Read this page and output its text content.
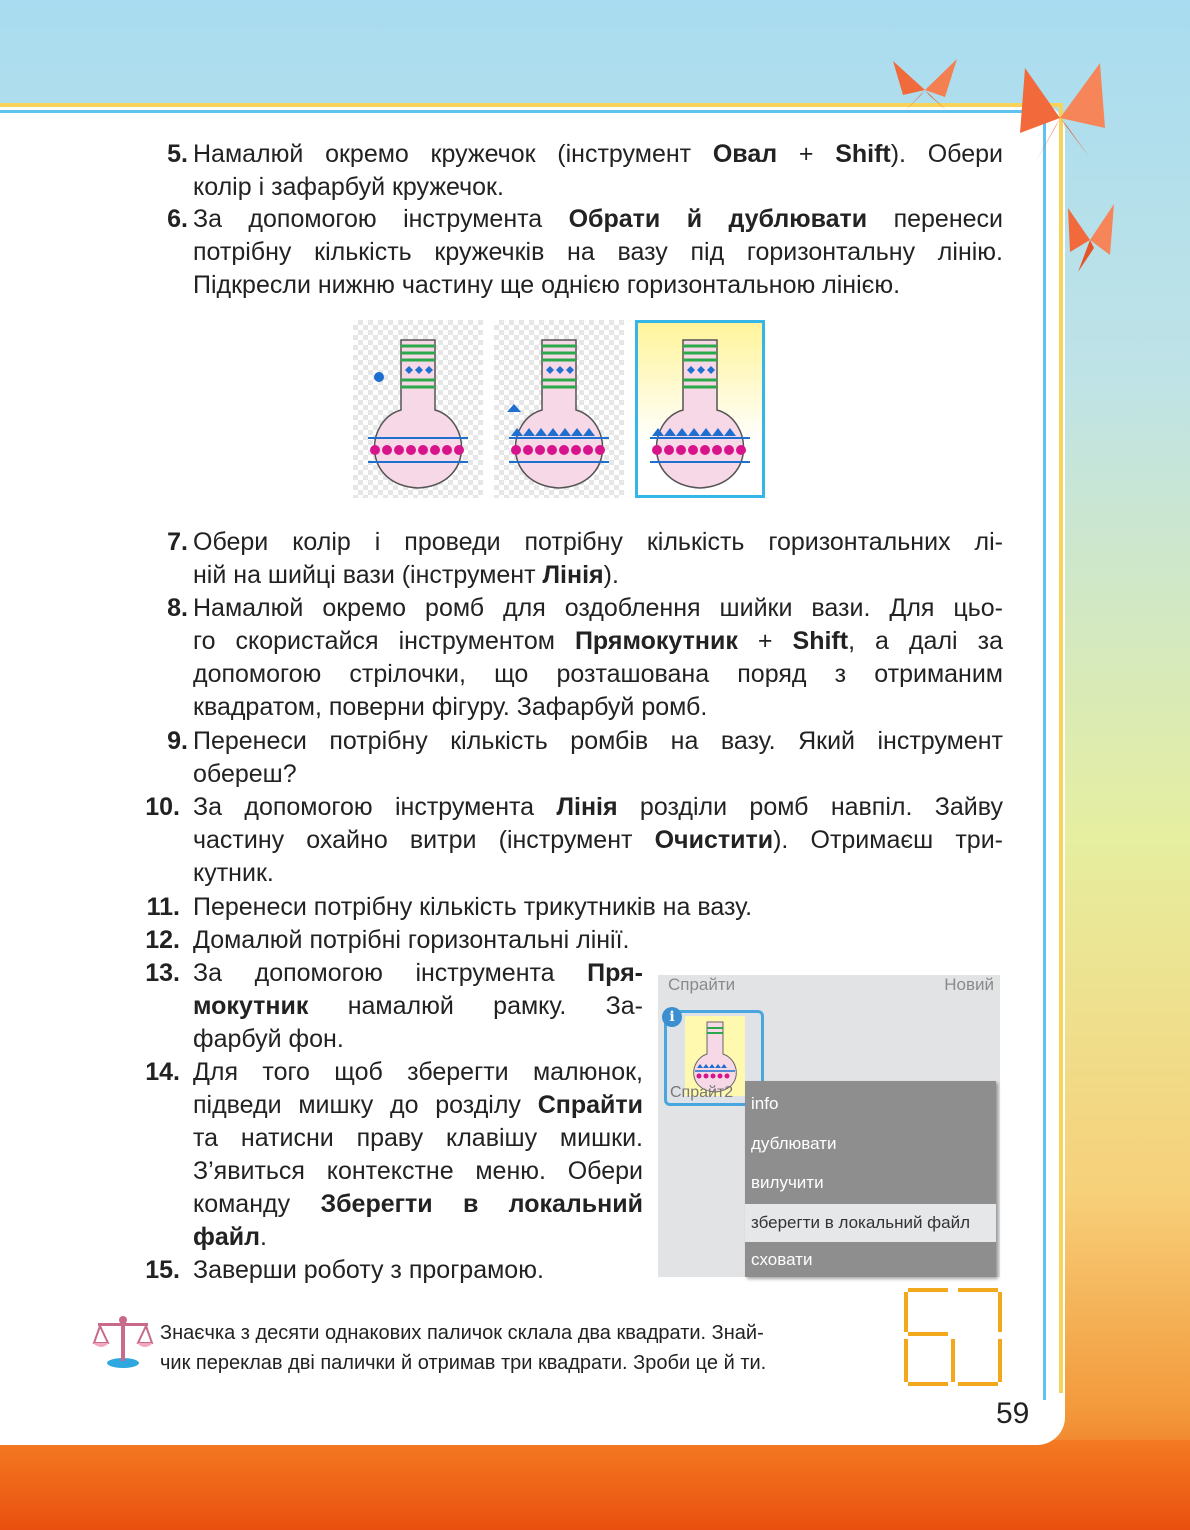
5. Намалюй окремо кружечок (інструмент Овал + Shift). Обери
колір і зафарбуй кружечок.
6. За допомогою інструмента Обрати й дублювати перенеси
потрібну кількість кружечків на вазу під горизонтальну лінію.
Підкресли нижню частину ще однією горизонтальною лінією.
7. Обери колір і проведи потрібну кількість горизонтальних лі-
ній на шийці вази (інструмент Лінія).
8. Намалюй окремо ромб для оздоблення шийки вази. Для цьо-
го скористайся інструментом Прямокутник + Shift, а далі за
допомогою стрілочки, що розташована поряд з отриманим
квадратом, поверни фігуру. Зафарбуй ромб.
9. Перенеси потрібну кількість ромбів на вазу. Який інструмент
обереш?
10. За допомогою інструмента Лінія розділи ромб навпіл. Зайву
частину охайно витри (інструмент Очистити). Отримаєш три-
кутник.
11. Перенеси потрібну кількість трикутників на вазу.
12. Домалюй потрібні горизонтальні лінії.
13. За допомогою інструмента Пря-
мокутник намалюй рамку. За-
фарбуй фон.
14. Для того щоб зберегти малюнок,
підведи мишку до розділу Спрайти
та натисни праву клавішу мишки.
З’явиться контекстне меню. Обери
команду Зберегти в локальний
файл.
15. Заверши роботу з програмою.
Спрайти	Новий
i
Спрайт2
info
дублювати
вилучити
зберегти в локальний файл
сховати
Знаєчка з десяти однакових паличок склала два квадрати. Знай-
чик переклав дві палички й отримав три квадрати. Зроби це й ти.
59
